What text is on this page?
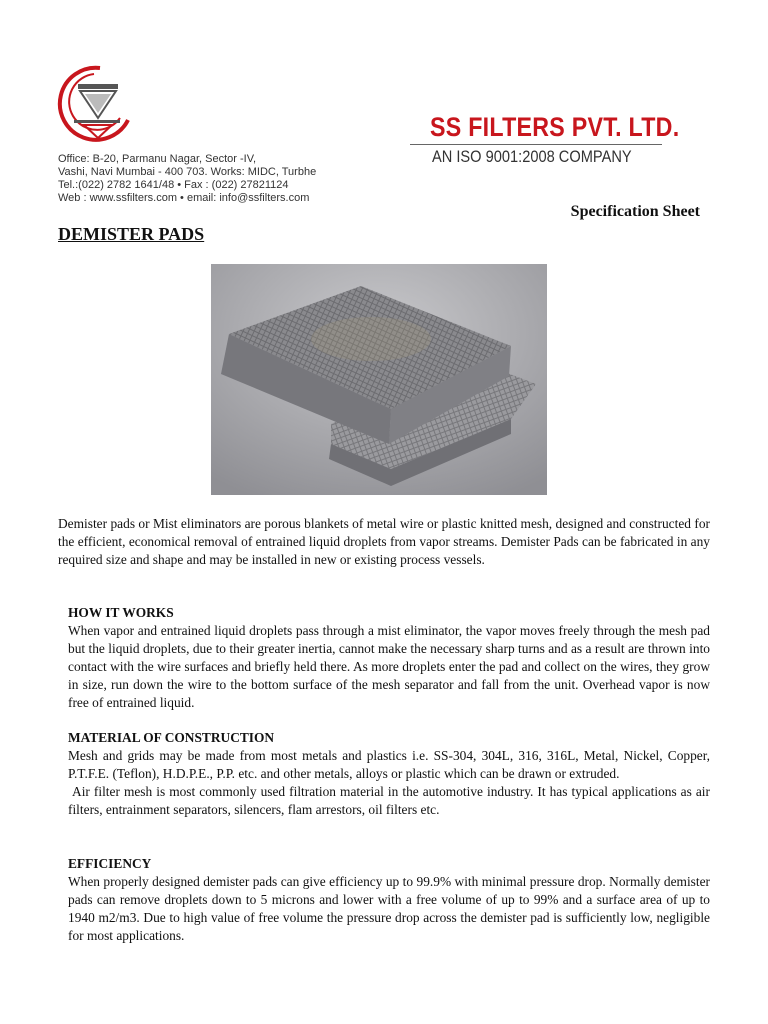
SS FILTERS PVT. LTD.
AN ISO 9001:2008 COMPANY
Office: B-20, Parmanu Nagar, Sector -IV,
Vashi, Navi Mumbai - 400 703. Works: MIDC, Turbhe
Tel.:(022) 2782 1641/48 • Fax : (022) 27821124
Web : www.ssfilters.com • email: info@ssfilters.com
Specification Sheet
DEMISTER PADS
Demister pads or Mist eliminators are porous blankets of metal wire or plastic knitted mesh, designed and constructed for the efficient, economical removal of entrained liquid droplets from vapor streams. Demister Pads can be fabricated in any required size and shape and may be installed in new or existing process vessels.
HOW IT WORKS

When vapor and entrained liquid droplets pass through a mist eliminator, the vapor moves freely through the mesh pad but the liquid droplets, due to their greater inertia, cannot make the necessary sharp turns and as a result are thrown into contact with the wire surfaces and briefly held there. As more droplets enter the pad and collect on the wires, they grow in size, run down the wire to the bottom surface of the mesh separator and fall from the unit. Overhead vapor is now free of entrained liquid.

MATERIAL OF CONSTRUCTION

Mesh and grids may be made from most metals and plastics i.e. SS-304, 304L, 316, 316L, Metal, Nickel, Copper, P.T.F.E. (Teflon), H.D.P.E., P.P. etc. and other metals, alloys or plastic which can be drawn or extruded.

Air filter mesh is most commonly used filtration material in the automotive industry. It has typical applications as air filters, entrainment separators, silencers, flam arrestors, oil filters etc.

EFFICIENCY

When properly designed demister pads can give efficiency up to 99.9% with minimal pressure drop. Normally demister pads can remove droplets down to 5 microns and lower with a free volume of up to 99% and a surface area of up to 1940 m2/m3. Due to high value of free volume the pressure drop across the demister pad is sufficiently low, negligible for most applications.
